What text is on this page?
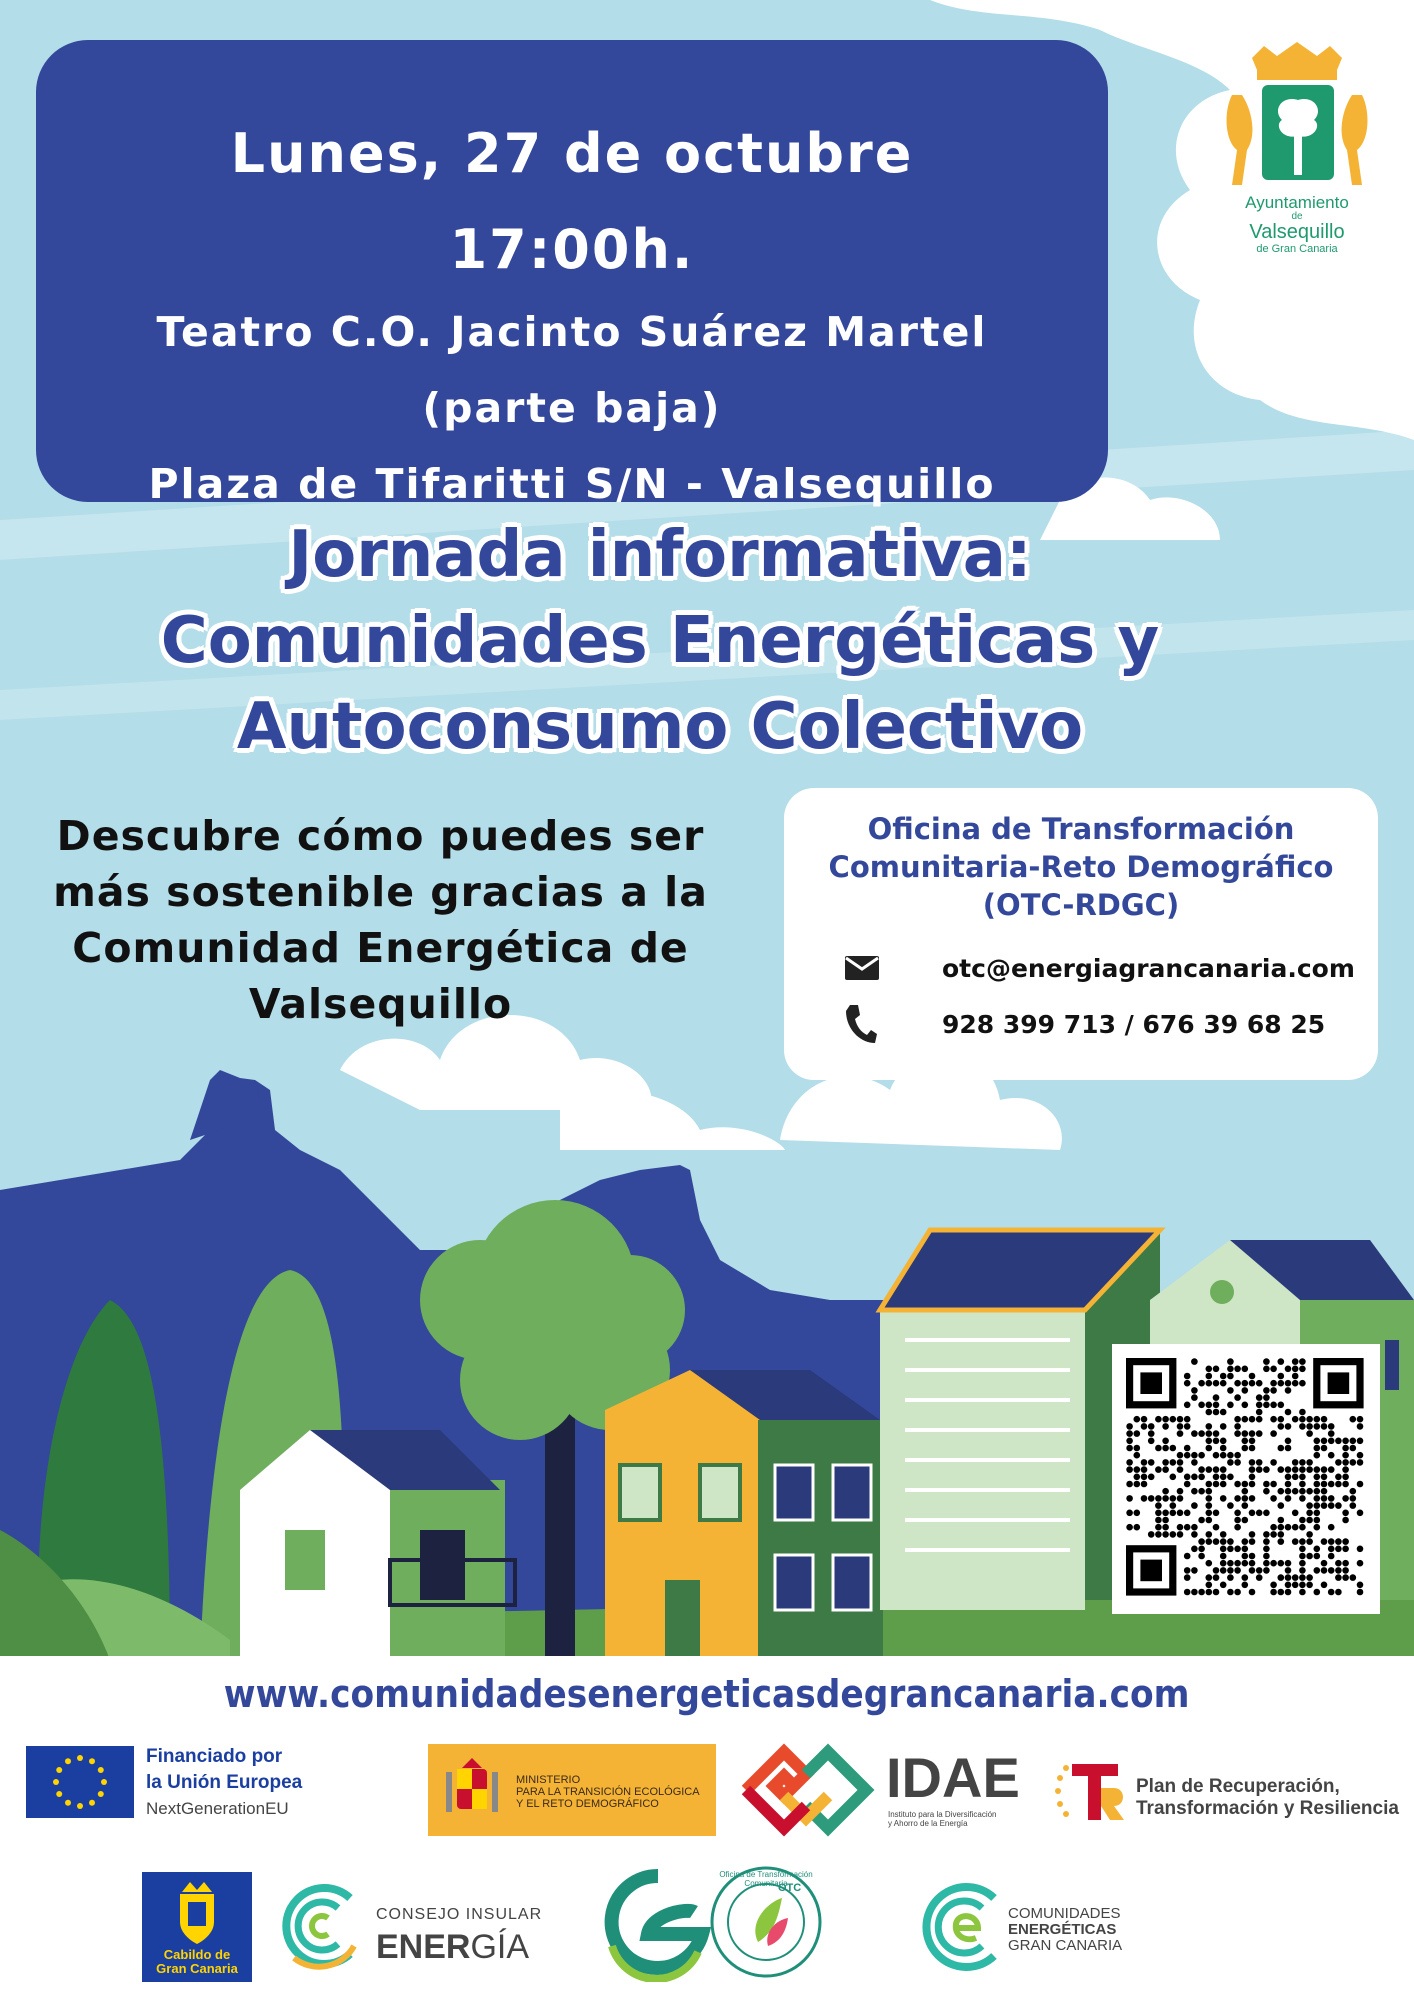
Lunes, 27 de octubre
17:00h.
Teatro C.O. Jacinto Suárez Martel
(parte baja)
Plaza de Tifaritti S/N - Valsequillo
Ayuntamiento
de
Valsequillo
de Gran Canaria
Jornada informativa:
Comunidades Energéticas y
Autoconsumo Colectivo
Descubre cómo puedes ser
más sostenible gracias a la
Comunidad Energética de
Valsequillo
Oficina de Transformación
Comunitaria-Reto Demográfico
(OTC-RDGC)
otc@energiagrancanaria.com
928 399 713 / 676 39 68 25
www.comunidadesenergeticasdegrancanaria.com
Financiado por
la Unión Europea
NextGenerationEU
MINISTERIO
PARA LA TRANSICIÓN ECOLÓGICA
Y EL RETO DEMOGRÁFICO	IDAE
Instituto para la Diversificación
y Ahorro de la Energía
Plan de Recuperación,
Transformación y Resiliencia
Cabildo de
Gran Canaria
CONSEJO INSULAR
ENERGÍA
Oficina de Transformación Comunitaria
OTC
COMUNIDADES
ENERGÉTICAS
GRAN CANARIA
